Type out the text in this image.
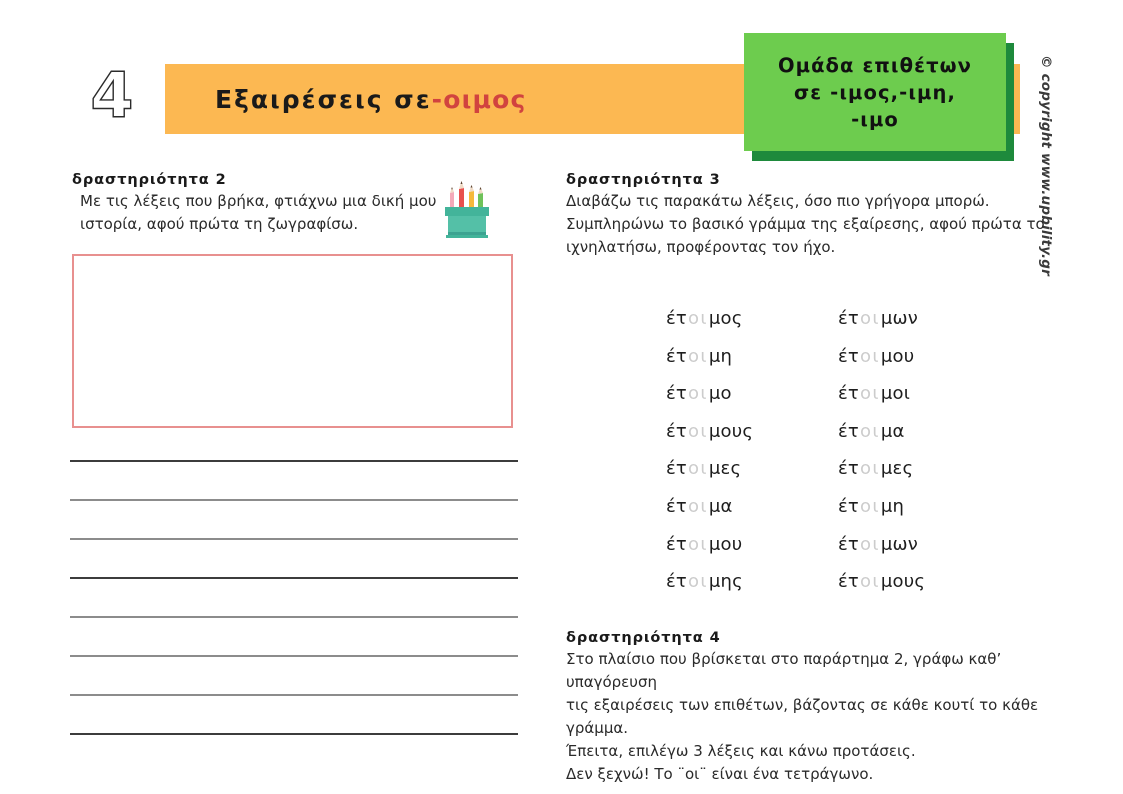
4	Εξαιρέσεις σε -οιμος
Ομάδα επιθέτων
σε -ιμος,-ιμη,
-ιμο	© copyright www.upbility.gr
δραστηριότητα 2

Με τις λέξεις που βρήκα, φτιάχνω μια δική μου
ιστορία, αφού πρώτα τη ζωγραφίσω.

δραστηριότητα 3

Διαβάζω τις παρακάτω λέξεις, όσο πιο γρήγορα μπορώ.
Συμπληρώνω το βασικό γράμμα της εξαίρεσης, αφού πρώτα το
ιχνηλατήσω, προφέροντας τον ήχο.

έτοιμος	έτοιμων
έτοιμη	έτοιμου
έτοιμο	έτοιμοι
έτοιμους	έτοιμα
έτοιμες	έτοιμες
έτοιμα	έτοιμη
έτοιμου	έτοιμων
έτοιμης	έτοιμους
δραστηριότητα 4

Στο πλαίσιο που βρίσκεται στο παράρτημα 2, γράφω καθ’ υπαγόρευση
τις εξαιρέσεις των επιθέτων, βάζοντας σε κάθε κουτί το κάθε γράμμα.
Έπειτα, επιλέγω 3 λέξεις και κάνω προτάσεις.
Δεν ξεχνώ! Το ¨οι¨ είναι ένα τετράγωνο.
